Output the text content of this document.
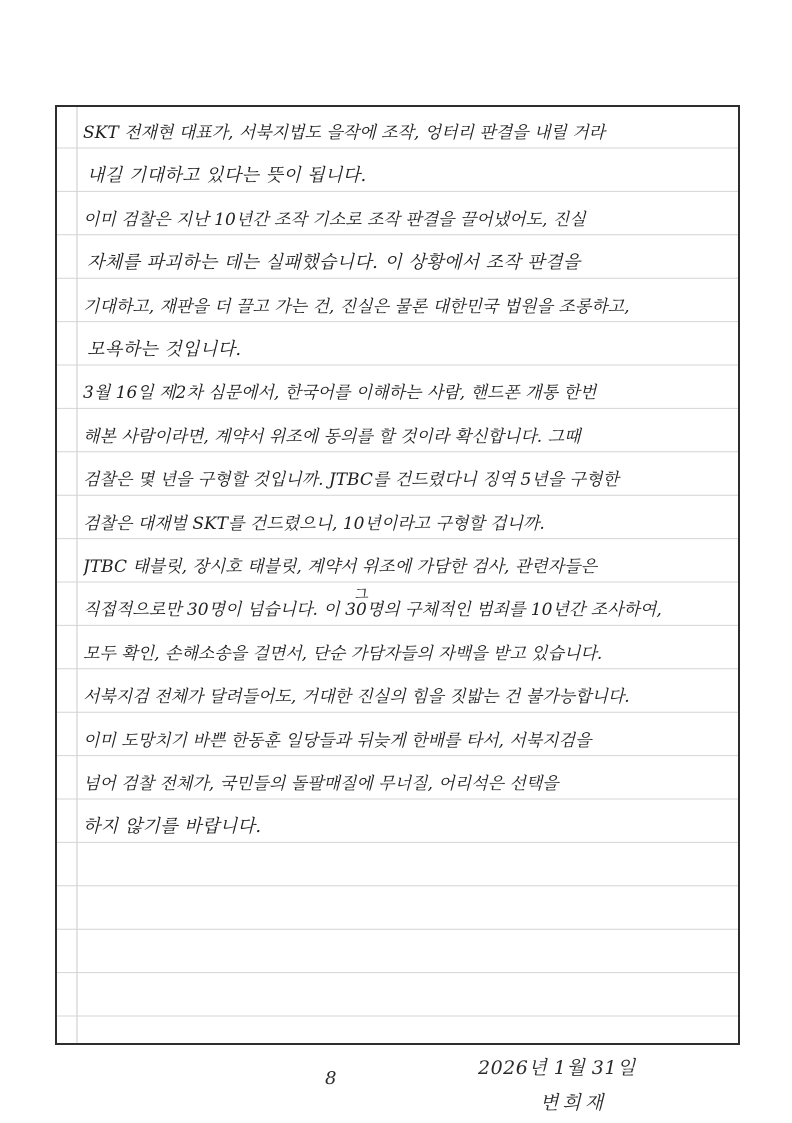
SKT 전재현 대표가, 서북지법도 을작에 조작, 엉터리 판결을 내릴 거라
내길 기대하고 있다는 뜻이 됩니다.
이미 검찰은 지난 10년간 조작 기소로 조작 판결을 끌어냈어도, 진실
자체를 파괴하는 데는 실패했습니다. 이 상황에서 조작 판결을
기대하고, 재판을 더 끌고 가는 건, 진실은 물론 대한민국 법원을 조롱하고,
모욕하는 것입니다.
3월 16일 제2차 심문에서, 한국어를 이해하는 사람, 핸드폰 개통 한번
해본 사람이라면, 계약서 위조에 동의를 할 것이라 확신합니다. 그때
검찰은 몇 년을 구형할 것입니까. JTBC를 건드렸다니 징역 5년을 구형한
검찰은 대재벌 SKT를 건드렸으니, 10년이라고 구형할 겁니까.
JTBC 태블릿, 장시호 태블릿, 계약서 위조에 가담한 검사, 관련자들은
직접적으로만 30명이 넘습니다. 이 30명의 구체적인 범죄를 10년간 조사하여,
모두 확인, 손해소송을 걸면서, 단순 가담자들의 자백을 받고 있습니다.
서북지검 전체가 달려들어도, 거대한 진실의 힘을 짓밟는 건 불가능합니다.
이미 도망치기 바쁜 한동훈 일당들과 뒤늦게 한배를 타서, 서북지검을
넘어 검찰 전체가, 국민들의 돌팔매질에 무너질, 어리석은 선택을
하지 않기를 바랍니다.
그
8	2026년 1월 31일
변희재
